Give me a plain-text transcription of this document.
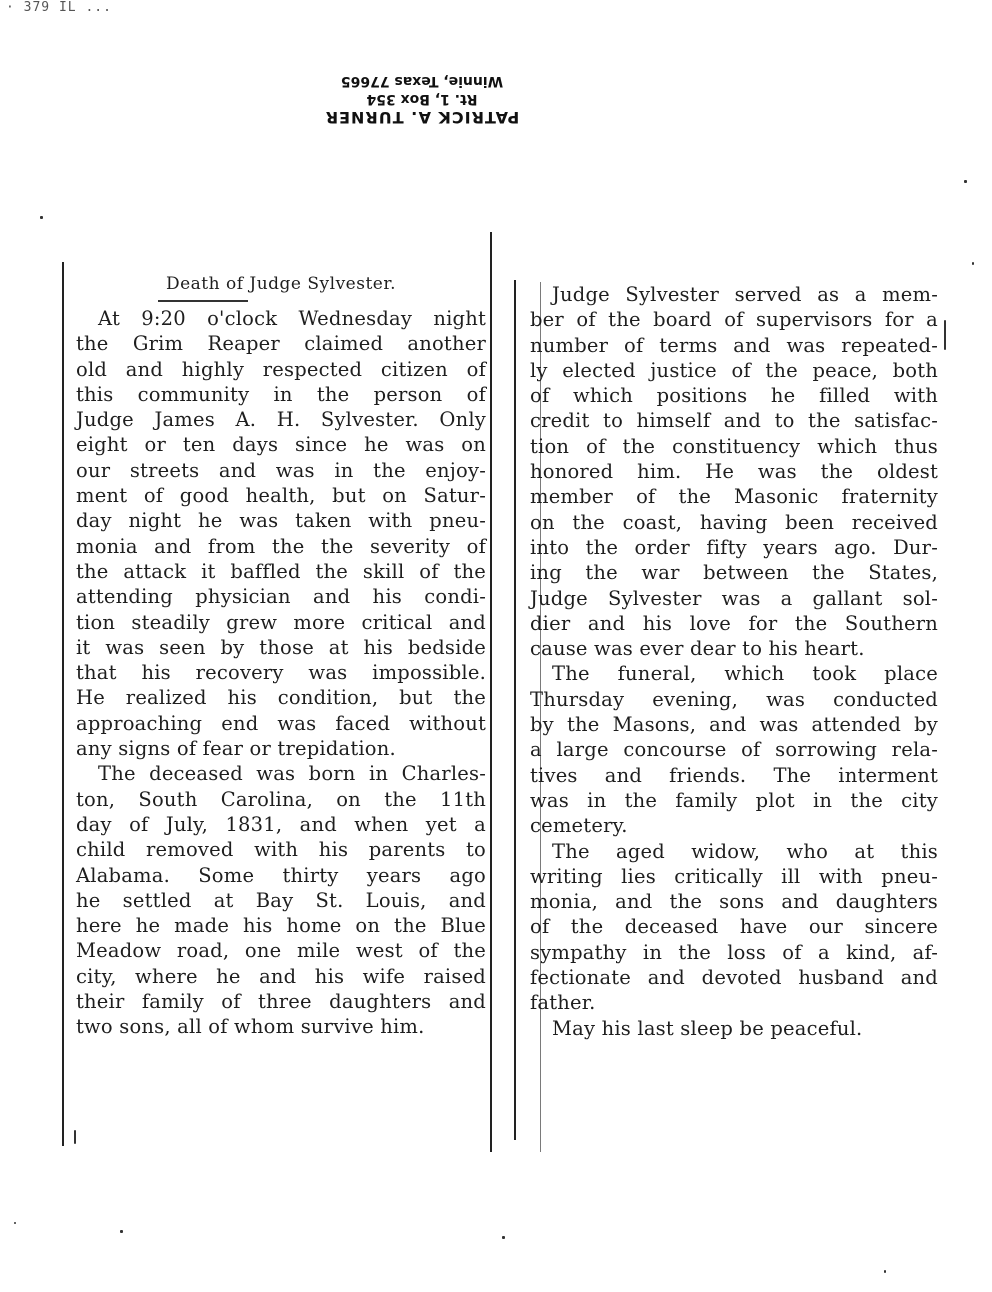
· 379 IL ...
PATRICK A. TURNER
Rt. 1, Box 354
Winnie, Texas 77665
Death of Judge Sylvester.
At 9:20 o'clock Wednesday night
the Grim Reaper claimed another
old and highly respected citizen of
this community in the person of
Judge James A. H. Sylvester. Only
eight or ten days since he was on
our streets and was in the enjoy-
ment of good health, but on Satur-
day night he was taken with pneu-
monia and from the the severity of
the attack it baffled the skill of the
attending physician and his condi-
tion steadily grew more critical and
it was seen by those at his bedside
that his recovery was impossible.
He realized his condition, but the
approaching end was faced without
any signs of fear or trepidation.
The deceased was born in Charles-
ton, South Carolina, on the 11th
day of July, 1831, and when yet a
child removed with his parents to
Alabama. Some thirty years ago
he settled at Bay St. Louis, and
here he made his home on the Blue
Meadow road, one mile west of the
city, where he and his wife raised
their family of three daughters and
two sons, all of whom survive him.
Judge Sylvester served as a mem-
ber of the board of supervisors for a
number of terms and was repeated-
ly elected justice of the peace, both
of which positions he filled with
credit to himself and to the satisfac-
tion of the constituency which thus
honored him. He was the oldest
member of the Masonic fraternity
on the coast, having been received
into the order fifty years ago. Dur-
ing the war between the States,
Judge Sylvester was a gallant sol-
dier and his love for the Southern
cause was ever dear to his heart.
The funeral, which took place
Thursday evening, was conducted
by the Masons, and was attended by
a large concourse of sorrowing rela-
tives and friends. The interment
was in the family plot in the city
cemetery.
The aged widow, who at this
writing lies critically ill with pneu-
monia, and the sons and daughters
of the deceased have our sincere
sympathy in the loss of a kind, af-
fectionate and devoted husband and
father.
May his last sleep be peaceful.
